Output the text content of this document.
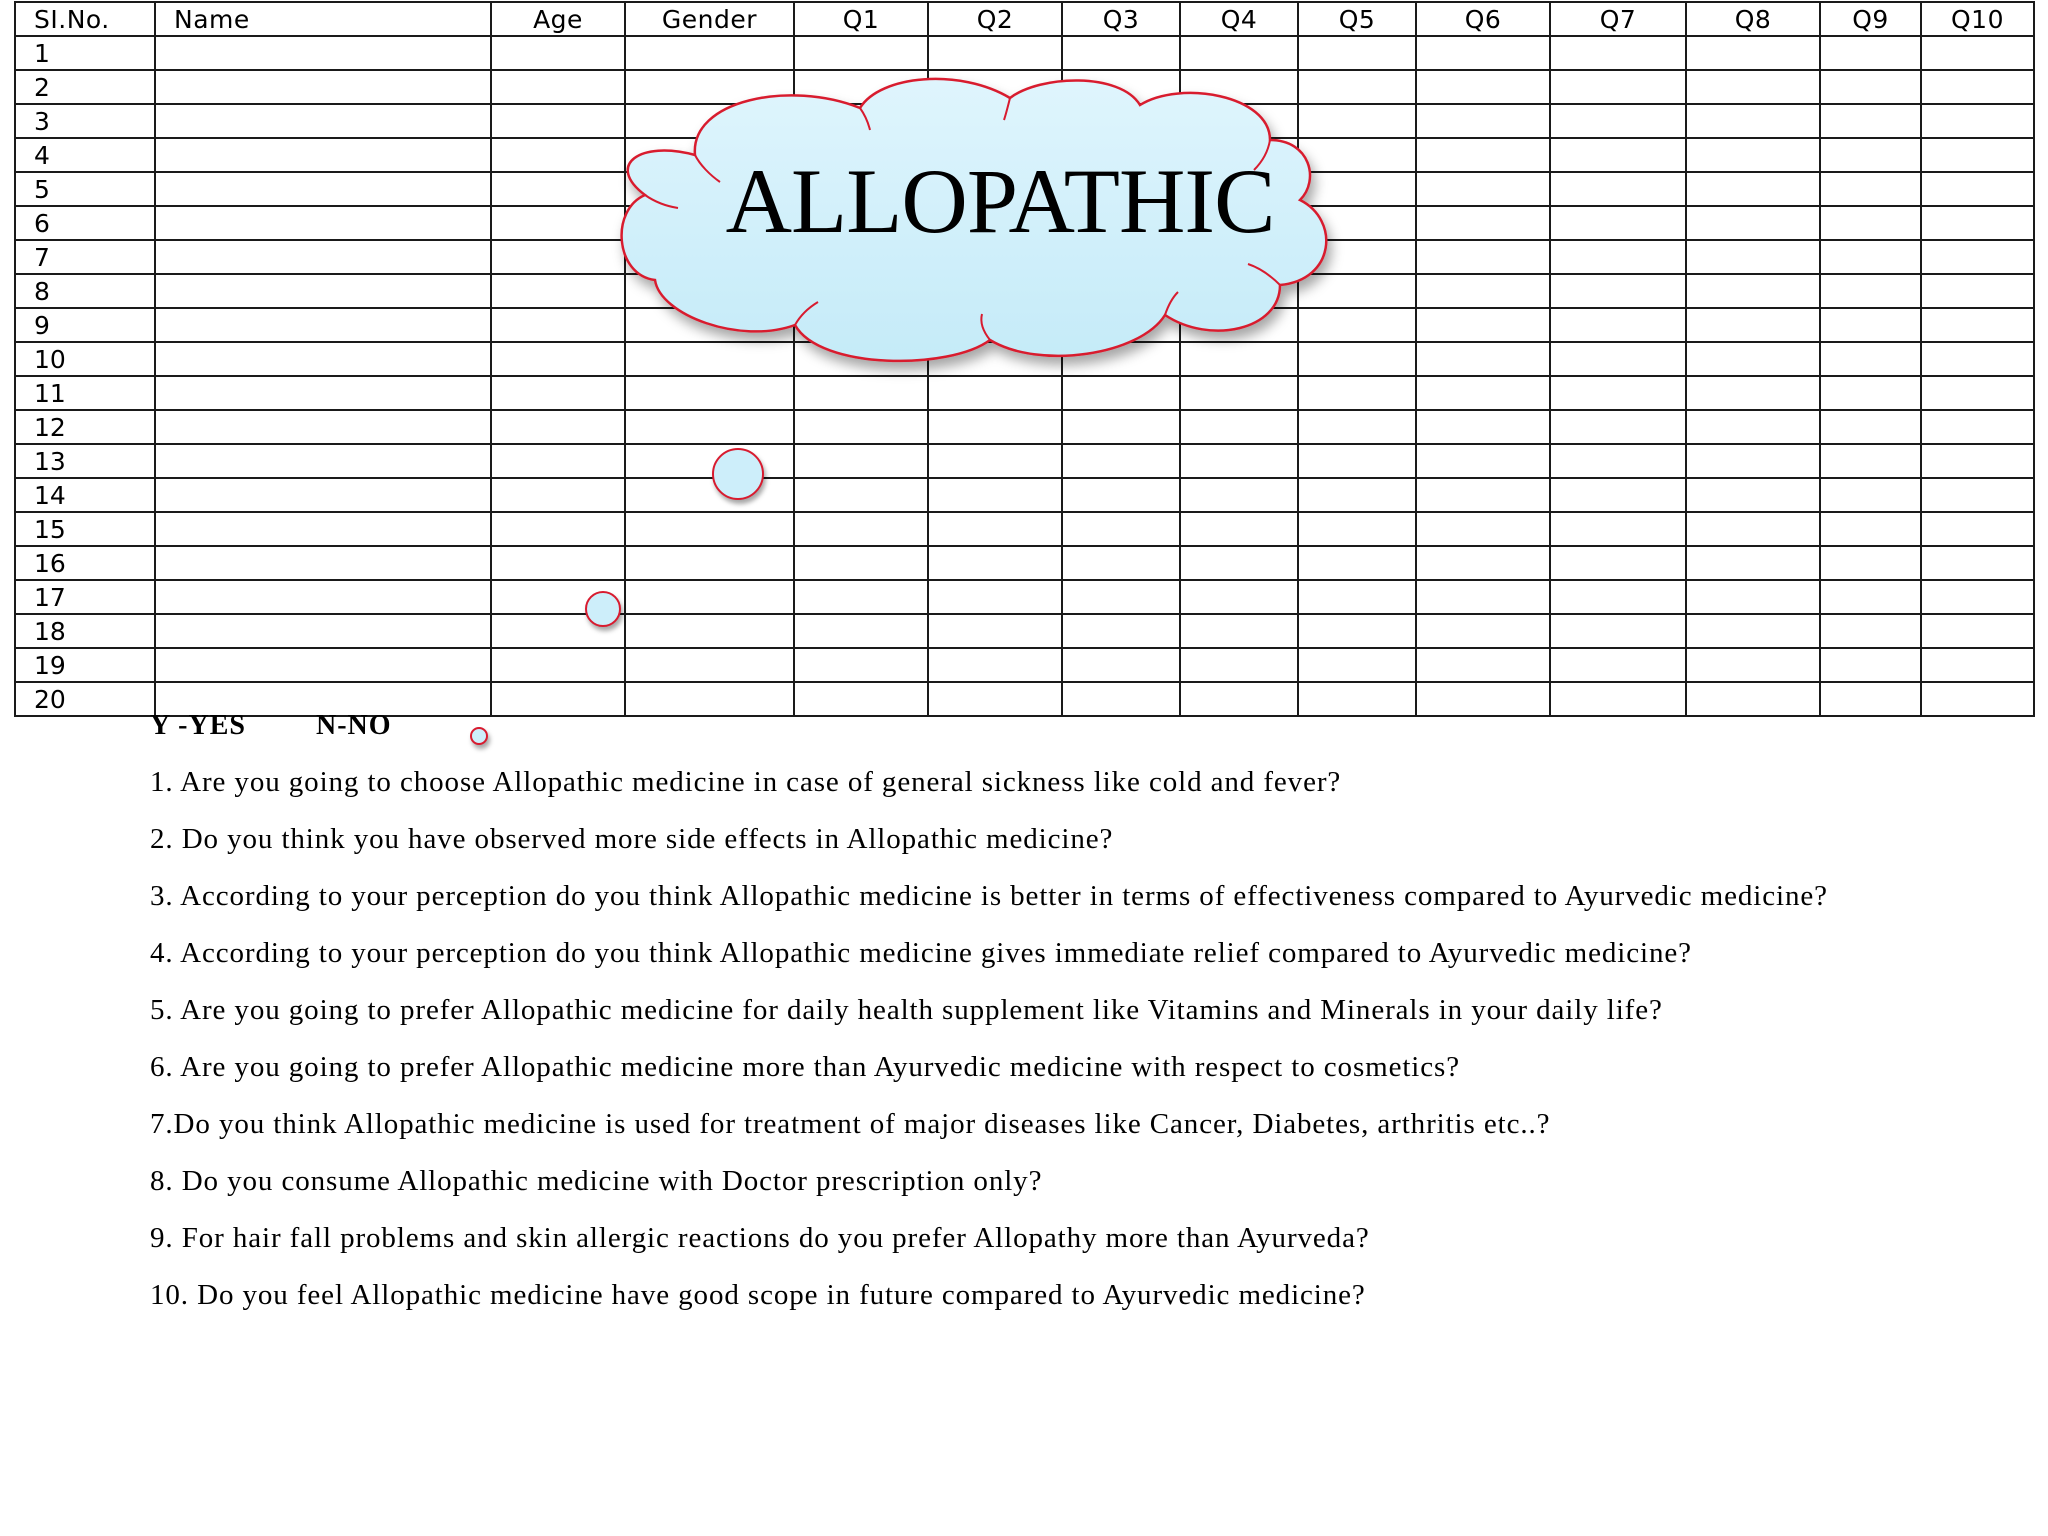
SI.No.	Name	Age	Gender	Q1	Q2	Q3	Q4	Q5	Q6	Q7	Q8	Q9	Q10
1													
2													
3													
4													
5													
6													
7													
8													
9													
10													
11													
12													
13													
14													
15													
16													
17													
18													
19													
20													
ALLOPATHIC
Y -YES	N-NO

1. Are you going to choose Allopathic medicine in case of general sickness like cold and fever?

2. Do you think you have observed more side effects in Allopathic medicine?

3. According to your perception do you think Allopathic medicine is better in terms of effectiveness compared to Ayurvedic medicine?

4. According to your perception do you think Allopathic medicine gives immediate relief compared to Ayurvedic medicine?

5. Are you going to prefer Allopathic medicine for daily health supplement like Vitamins and Minerals in your daily life?

6. Are you going to prefer Allopathic medicine more than Ayurvedic medicine with respect to cosmetics?

7.Do you think Allopathic medicine is used for treatment of major diseases like Cancer, Diabetes, arthritis etc..?

8. Do you consume Allopathic medicine with Doctor prescription only?

9. For hair fall problems and skin allergic reactions do you prefer Allopathy more than Ayurveda?

10. Do you feel Allopathic medicine have good scope in future compared to Ayurvedic medicine?
